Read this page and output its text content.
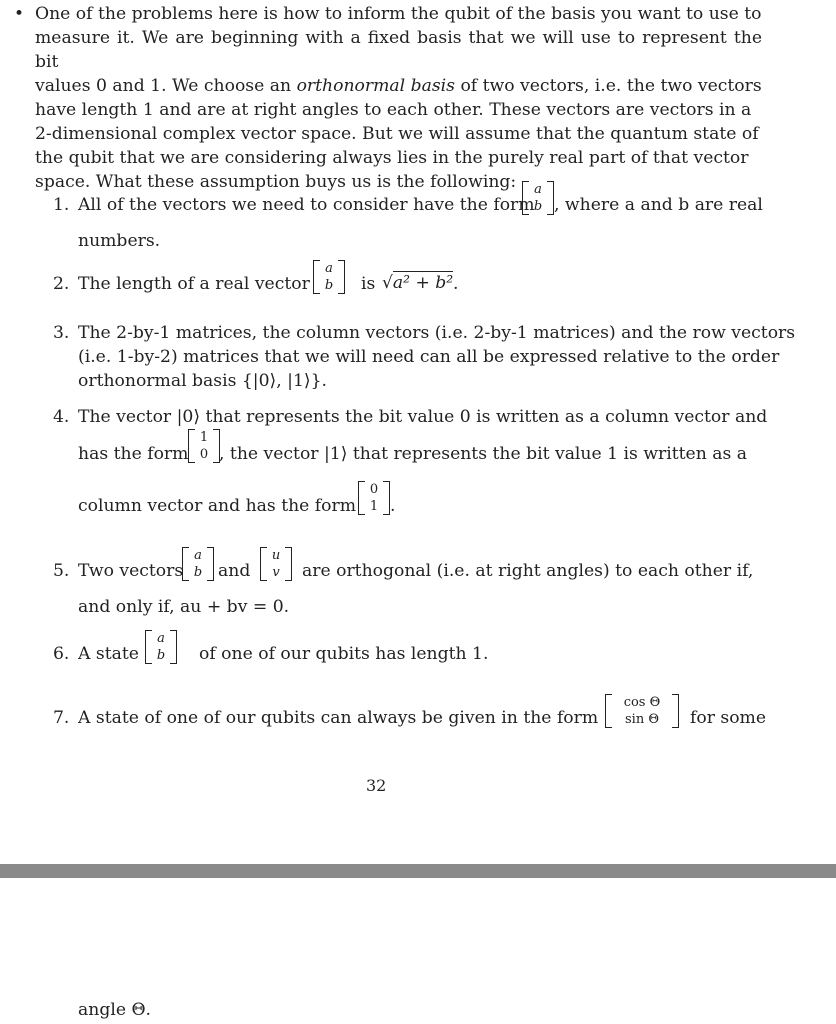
• One of the problems here is how to inform the qubit of the basis you want to use to
measure it. We are beginning with a fixed basis that we will use to represent the bit
values 0 and 1. We choose an orthonormal basis of two vectors, i.e. the two vectors
have length 1 and are at right angles to each other. These vectors are vectors in a
2-dimensional complex vector space. But we will assume that the quantum state of
the qubit that we are considering always lies in the purely real part of that vector
space. What these assumption buys us is the following:
1. All of the vectors we need to consider have the form
a
b , where a and b are real
numbers.
2. The length of a real vector
a
b	is √a² + b² .
3. The 2-by-1 matrices, the column vectors (i.e. 2-by-1 matrices) and the row vectors
(i.e. 1-by-2) matrices that we will need can all be expressed relative to the order
orthonormal basis {|0⟩, |1⟩}.
4. The vector |0⟩ that represents the bit value 0 is written as a column vector and
has the form
1
0 , the vector |1⟩ that represents the bit value 1 is written as a
column vector and has the form
0
1 .
5. Two vectors
a
b and
u
v	are orthogonal (i.e. at right angles) to each other if,
and only if, au + bv = 0.
6. A state
a
b	of one of our qubits has length 1.
7. A state of one of our qubits can always be given in the form
cos Θ
sin Θ	for some
32
angle Θ.
